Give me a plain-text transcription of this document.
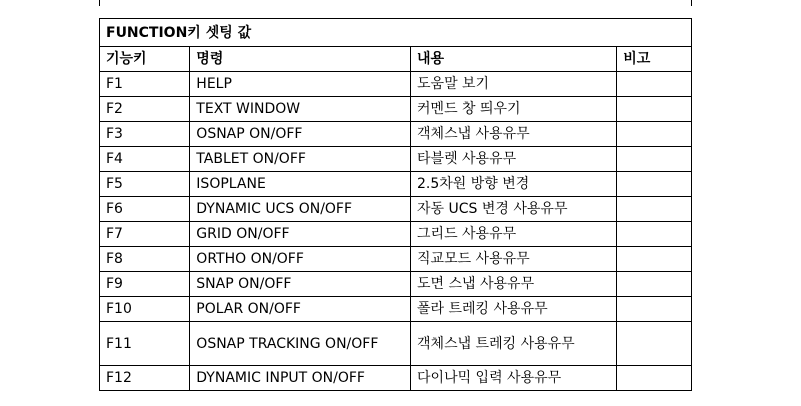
FUNCTION키 셋팅 값			
기능키	명령	내용	비고
F1	HELP	도움말 보기	
F2	TEXT WINDOW	커멘드 창 띄우기	
F3	OSNAP ON/OFF	객체스냅 사용유무	
F4	TABLET ON/OFF	타블렛 사용유무	
F5	ISOPLANE	2.5차원 방향 변경	
F6	DYNAMIC UCS ON/OFF	자동 UCS 변경 사용유무	
F7	GRID ON/OFF	그리드 사용유무	
F8	ORTHO ON/OFF	직교모드 사용유무	
F9	SNAP ON/OFF	도면 스냅 사용유무	
F10	POLAR ON/OFF	폴라 트레킹 사용유무	
F11	OSNAP TRACKING ON/OFF	객체스냅 트레킹 사용유무	
F12	DYNAMIC INPUT ON/OFF	다이나믹 입력 사용유무	
